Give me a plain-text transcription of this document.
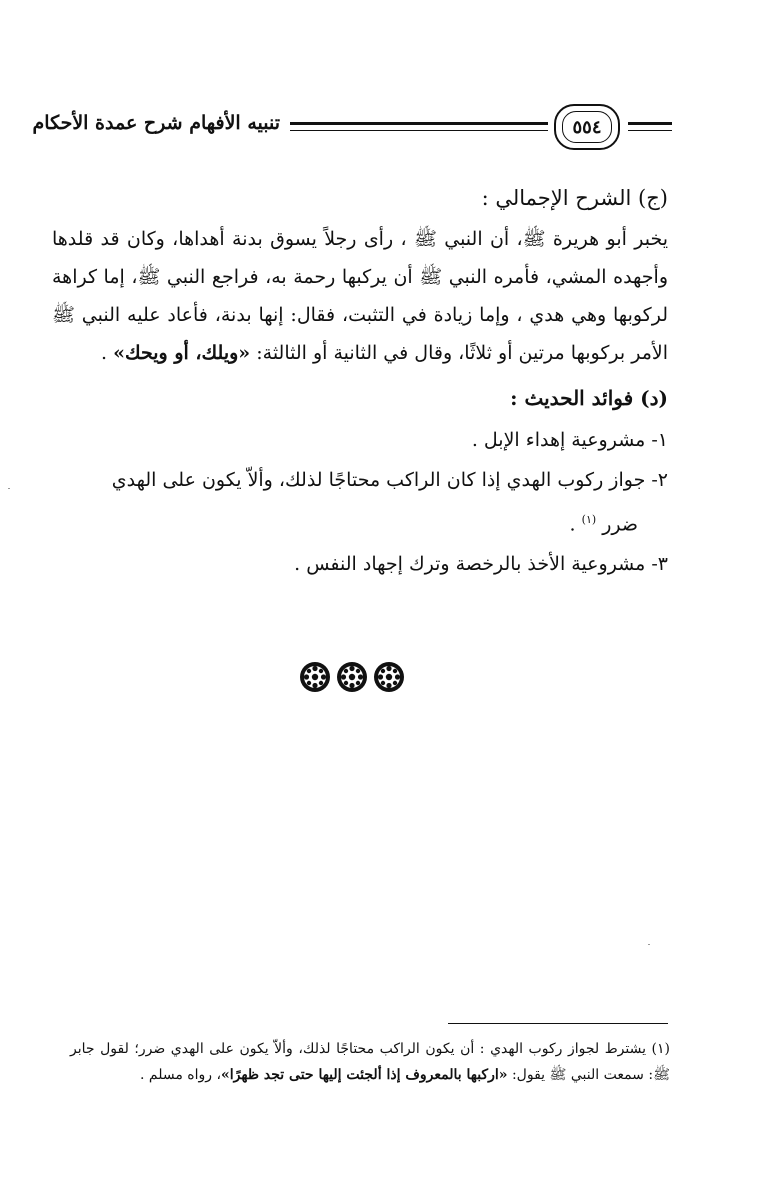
تنبيه الأفهام شرح عمدة الأحكام	٥٥٤

(ج) الشرح الإجمالي :

يخبر أبو هريرة ﷺ، أن النبي ﷺ ، رأى رجلاً يسوق بدنة أهداها، وكان قد قلدها وأجهده المشي، فأمره النبي ﷺ أن يركبها رحمة به، فراجع النبي ﷺ، إما كراهة لركوبها وهي هدي ، وإما زيادة في التثبت، فقال: إنها بدنة، فأعاد عليه النبي ﷺ الأمر بركوبها مرتين أو ثلاثًا، وقال في الثانية أو الثالثة: «ويلك، أو ويحك» .

(د) فوائد الحديث :

١- مشروعية إهداء الإبل .

٢- جواز ركوب الهدي إذا كان الراكب محتاجًا لذلك، وألاّ يكون على الهدي

ضرر $^{(١)}$ .

٣- مشروعية الأخذ بالرخصة وترك إجهاد النفس .

(١) يشترط لجواز ركوب الهدي : أن يكون الراكب محتاجًا لذلك، وألاّ يكون على الهدي ضرر؛ لقول جابر ﷺ: سمعت النبي ﷺ يقول: «اركبها بالمعروف إذا ألجئت إليها حتى تجد ظهرًا»، رواه مسلم .
